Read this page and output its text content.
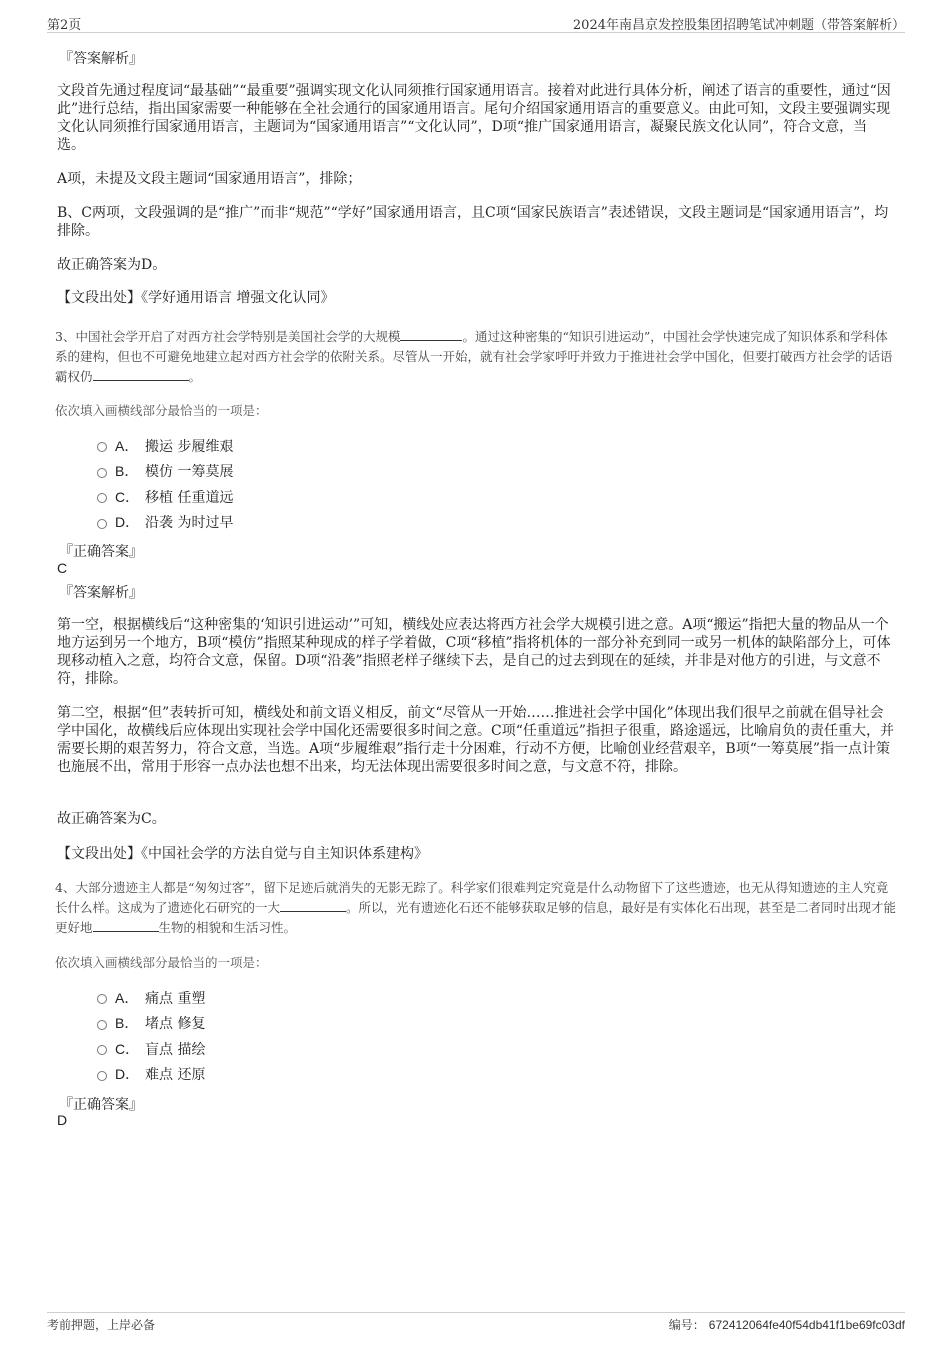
第2页	2024年南昌京发控股集团招聘笔试冲刺题（带答案解析）

『答案解析』

文段首先通过程度词“最基础”“最重要”强调实现文化认同须推行国家通用语言。接着对此进行具体分析，阐述了语言的重要性，通过“因此”进行总结，指出国家需要一种能够在全社会通行的国家通用语言。尾句介绍国家通用语言的重要意义。由此可知，文段主要强调实现文化认同须推行国家通用语言，主题词为“国家通用语言”“文化认同”，D项“推广国家通用语言，凝聚民族文化认同”，符合文意，当选。

A项，未提及文段主题词“国家通用语言”，排除；

B、C两项，文段强调的是“推广”而非“规范”“学好”国家通用语言，且C项“国家民族语言”表述错误，文段主题词是“国家通用语言”，均排除。

故正确答案为D。

【文段出处】《学好通用语言 增强文化认同》

3、中国社会学开启了对西方社会学特别是美国社会学的大规模	。通过这种密集的“知识引进运动”，中国社会学快速完成了知识体系和学科体系的建构，但也不可避免地建立起对西方社会学的依附关系。尽管从一开始，就有社会学家呼吁并致力于推进社会学中国化，但要打破西方社会学的话语霸权仍	。

依次填入画横线部分最恰当的一项是：

A． 搬运 步履维艰
B． 模仿 一筹莫展
C． 移植 任重道远
D． 沿袭 为时过早

『正确答案』

C

『答案解析』

第一空，根据横线后“这种密集的‘知识引进运动’”可知，横线处应表达将西方社会学大规模引进之意。A项“搬运”指把大量的物品从一个地方运到另一个地方，B项“模仿”指照某种现成的样子学着做，C项“移植”指将机体的一部分补充到同一或另一机体的缺陷部分上，可体现移动植入之意，均符合文意，保留。D项“沿袭”指照老样子继续下去，是自己的过去到现在的延续，并非是对他方的引进，与文意不符，排除。

第二空，根据“但”表转折可知，横线处和前文语义相反，前文“尽管从一开始……推进社会学中国化”体现出我们很早之前就在倡导社会学中国化，故横线后应体现出实现社会学中国化还需要很多时间之意。C项“任重道远”指担子很重，路途遥远，比喻肩负的责任重大，并需要长期的艰苦努力，符合文意，当选。A项“步履维艰”指行走十分困难，行动不方便，比喻创业经营艰辛，B项“一筹莫展”指一点计策也施展不出，常用于形容一点办法也想不出来，均无法体现出需要很多时间之意，与文意不符，排除。

故正确答案为C。

【文段出处】《中国社会学的方法自觉与自主知识体系建构》

4、大部分遗迹主人都是“匆匆过客”，留下足迹后就消失的无影无踪了。科学家们很难判定究竟是什么动物留下了这些遗迹，也无从得知遗迹的主人究竟长什么样。这成为了遗迹化石研究的一大	。所以，光有遗迹化石还不能够获取足够的信息，最好是有实体化石出现，甚至是二者同时出现才能更好地	生物的相貌和生活习性。

依次填入画横线部分最恰当的一项是：

A． 痛点 重塑
B． 堵点 修复
C． 盲点 描绘
D． 难点 还原

『正确答案』

D

考前押题，上岸必备	编号： 672412064fe40f54db41f1be69fc03df
